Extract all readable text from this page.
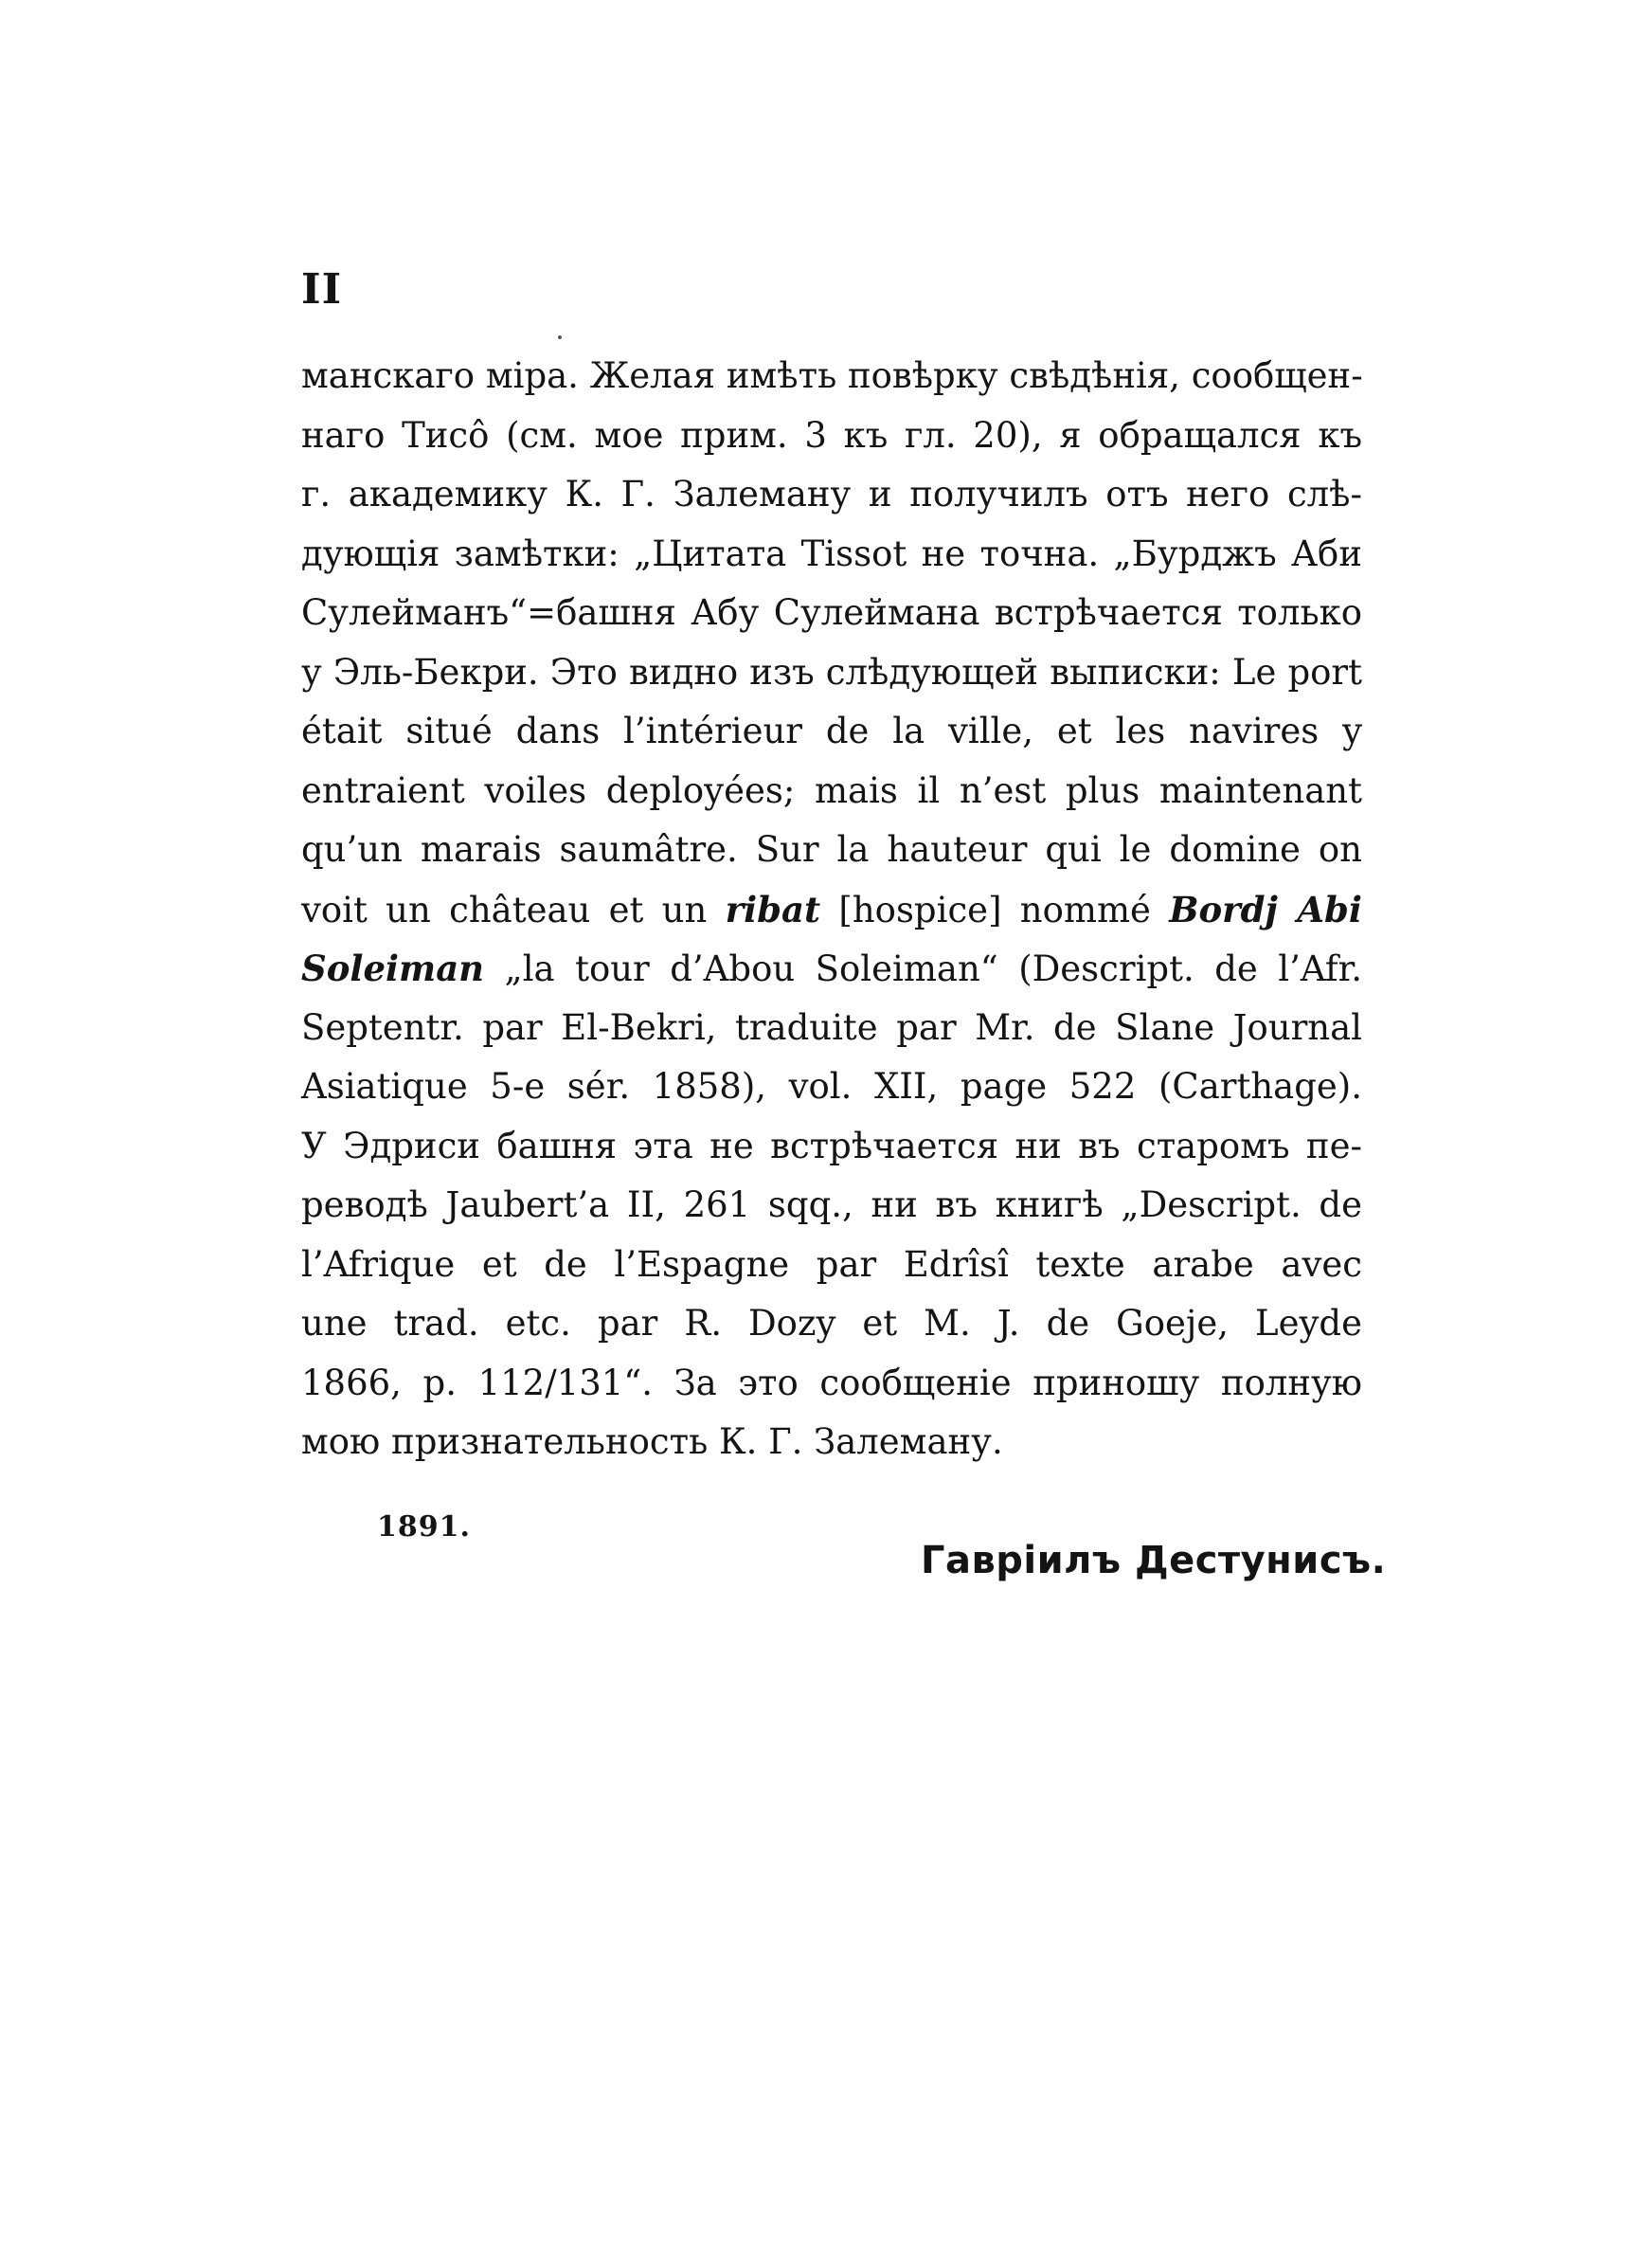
II
манскаго міра. Желая имѣть повѣрку свѣдѣнія, сообщен-
наго Тиcô (см. мое прим. 3 къ гл. 20), я обращался къ
г. академику К. Г. Залеману и получилъ отъ него слѣ-
дующія замѣтки: „Цитата Tissot не точна. „Бурджъ Аби
Сулейманъ“=башня Абу Сулеймана встрѣчается только
у Эль-Бекри. Это видно изъ слѣдующей выписки: Le port
était situé dans l’intérieur de la ville, et les navires y
entraient voiles deployées; mais il n’est plus maintenant
qu’un marais saumâtre. Sur la hauteur qui le domine on
voit un château et un ribat [hospice] nommé Bordj Abi
Soleiman „la tour d’Abou Soleiman“ (Descript. de l’Afr.
Septentr. par El-Bekri, traduite par Mr. de Slane Journal
Asiatique 5-e sér. 1858), vol. XII, page 522 (Carthage).
У Эдриси башня эта не встрѣчается ни въ старомъ пе-
реводѣ Jaubert’a II, 261 sqq., ни въ книгѣ „Descript. de
l’Afrique et de l’Espagne par Edrîsî texte arabe avec
une trad. etc. par R. Dozy et M. J. de Goeje, Leyde
1866, p. 112/131“. За это сообщеніе приношу полную
мою признательность К. Г. Залеману.
1891.
Гавріилъ Дестунисъ.
